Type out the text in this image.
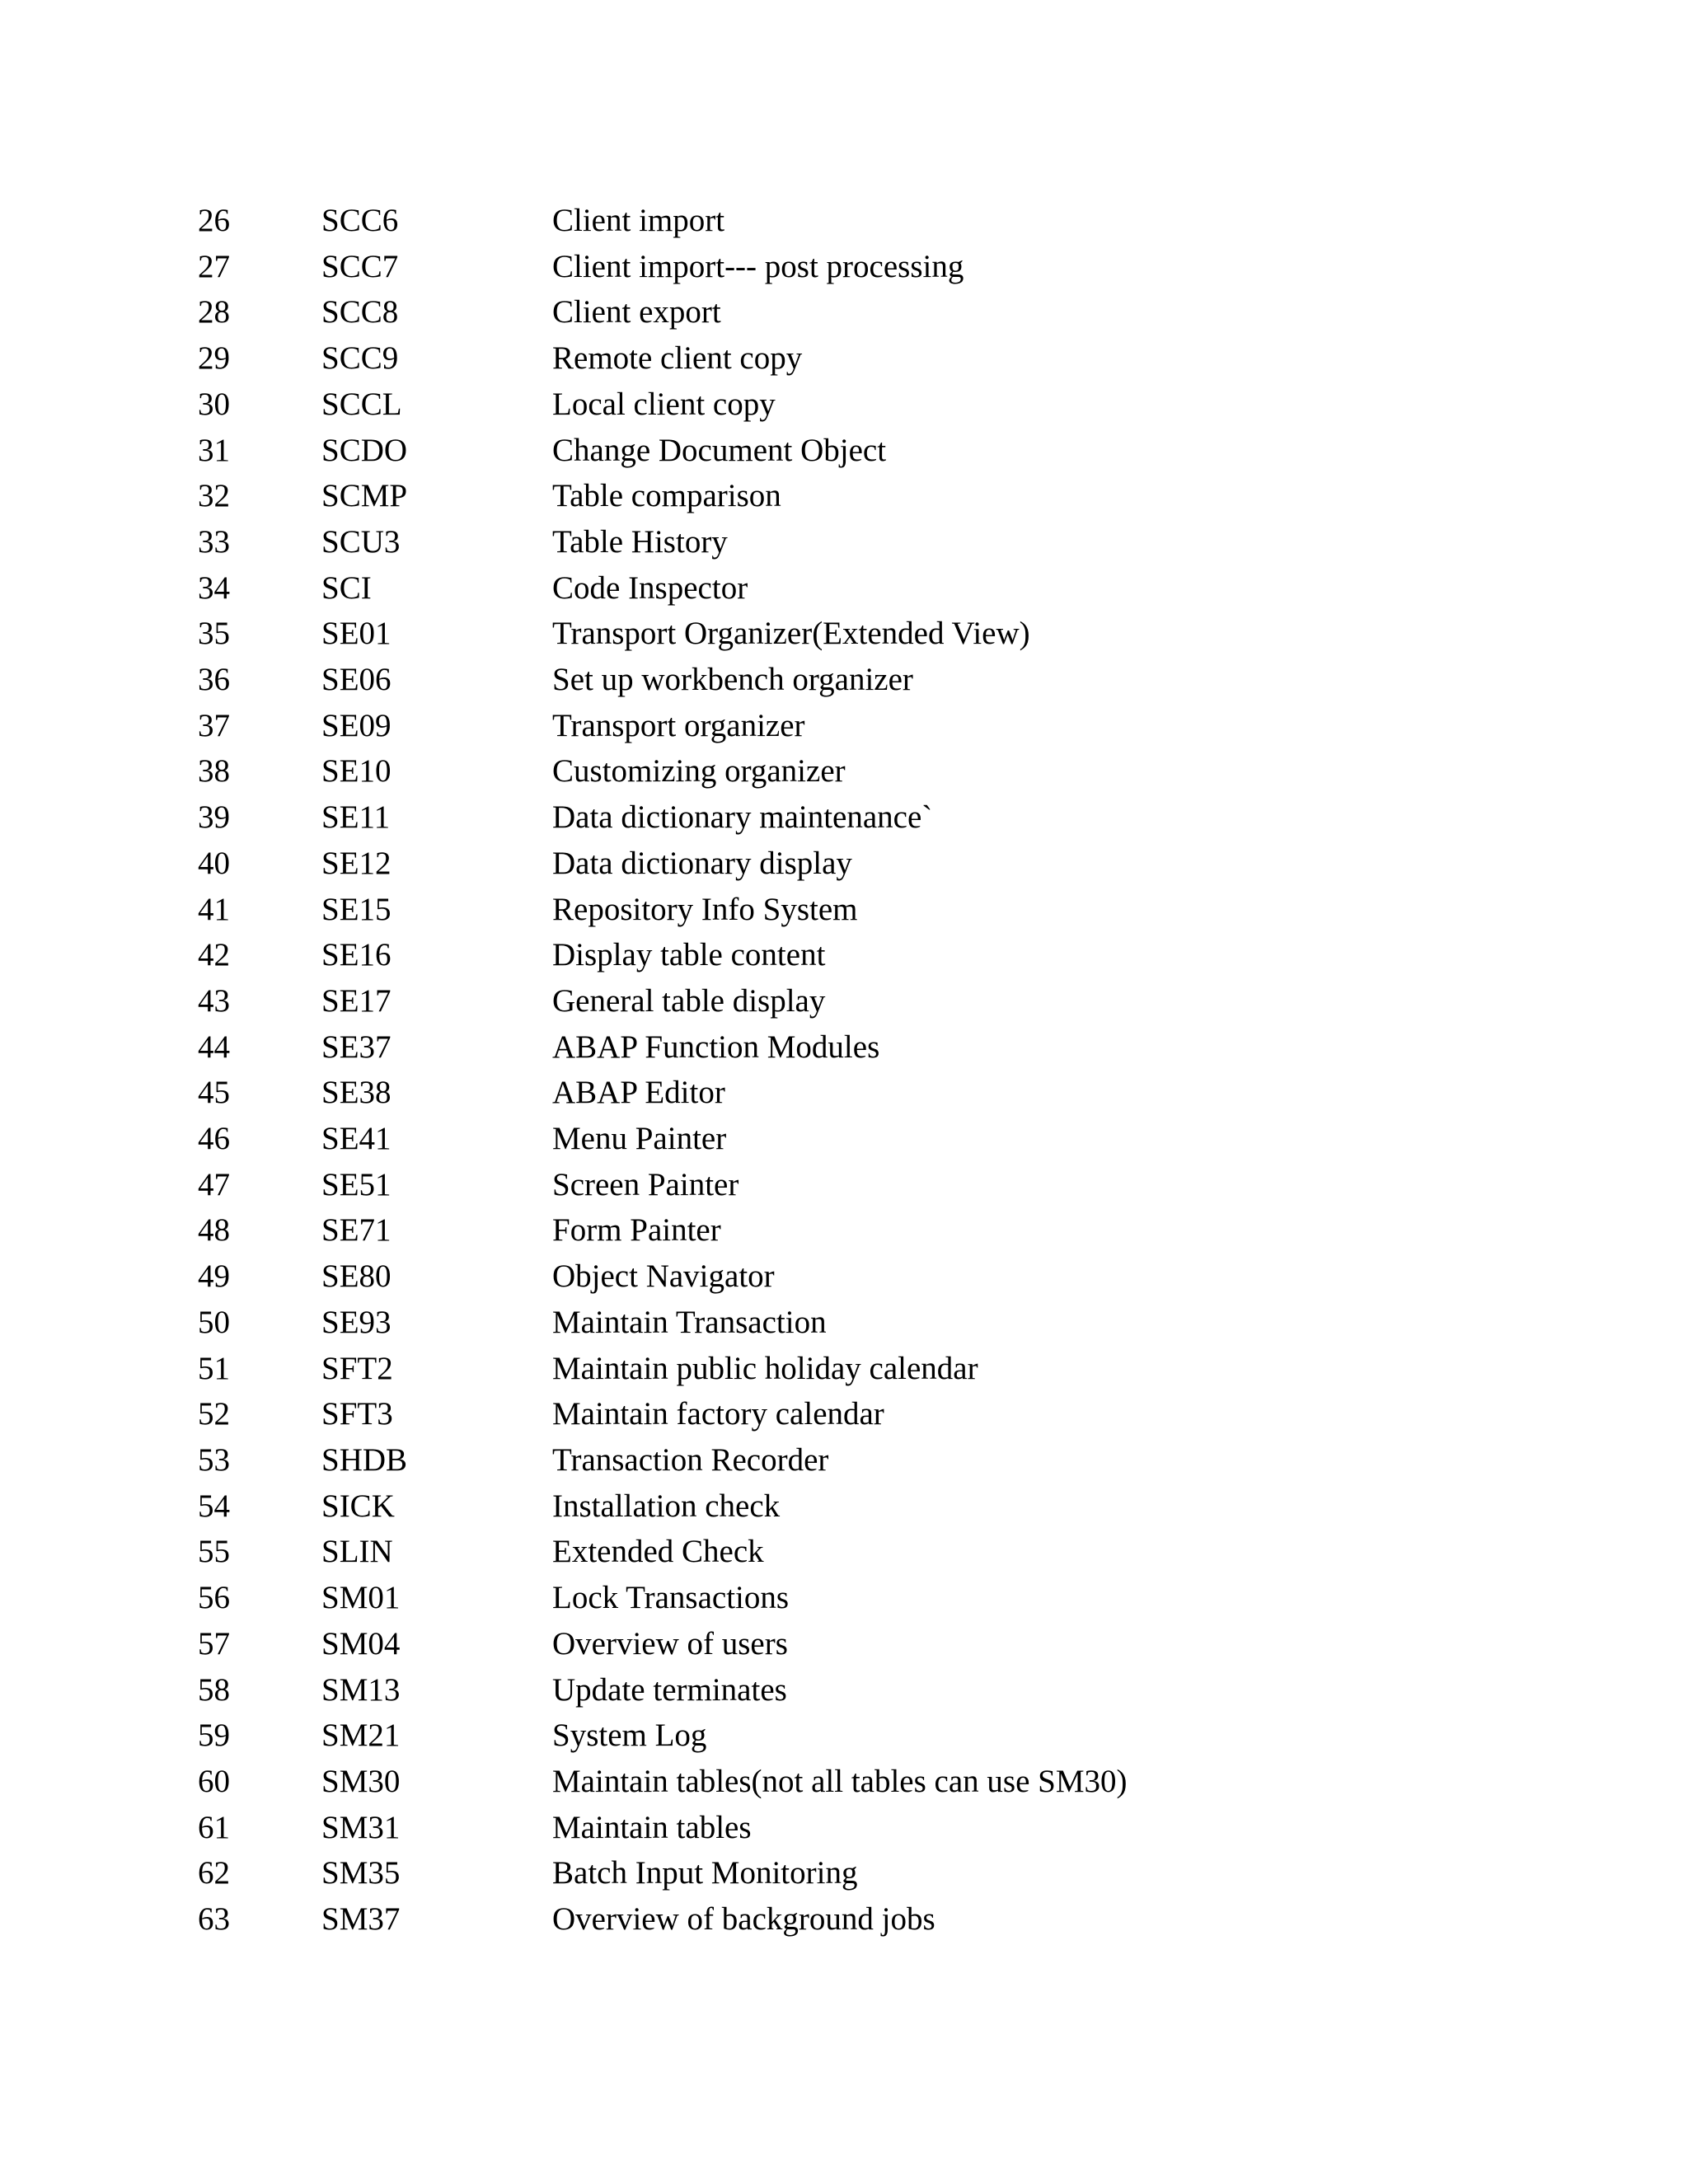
26	SCC6	Client import
27	SCC7	Client import--- post processing
28	SCC8	Client export
29	SCC9	Remote client copy
30	SCCL	Local client copy
31	SCDO	Change Document Object
32	SCMP	Table comparison
33	SCU3	Table History
34	SCI	Code Inspector
35	SE01	Transport Organizer(Extended View)
36	SE06	Set up workbench organizer
37	SE09	Transport organizer
38	SE10	Customizing organizer
39	SE11	Data dictionary maintenance`
40	SE12	Data dictionary display
41	SE15	Repository Info System
42	SE16	Display table content
43	SE17	General table display
44	SE37	ABAP Function Modules
45	SE38	ABAP Editor
46	SE41	Menu Painter
47	SE51	Screen Painter
48	SE71	Form Painter
49	SE80	Object Navigator
50	SE93	Maintain Transaction
51	SFT2	Maintain public holiday calendar
52	SFT3	Maintain factory calendar
53	SHDB	Transaction Recorder
54	SICK	Installation check
55	SLIN	Extended Check
56	SM01	Lock Transactions
57	SM04	Overview of users
58	SM13	Update terminates
59	SM21	System Log
60	SM30	Maintain tables(not all tables can use SM30)
61	SM31	Maintain tables
62	SM35	Batch Input Monitoring
63	SM37	Overview of background jobs
